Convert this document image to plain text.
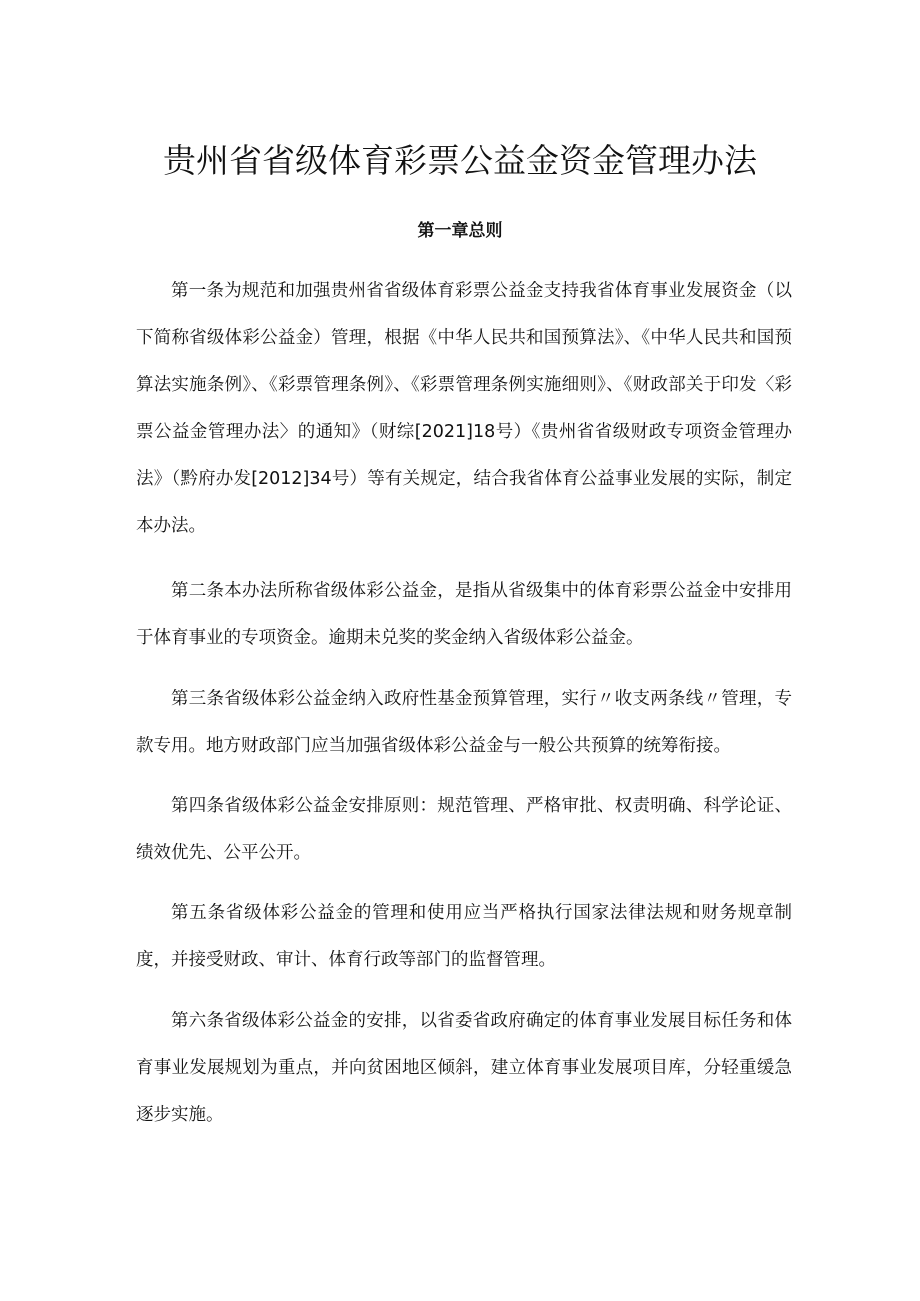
贵州省省级体育彩票公益金资金管理办法
第一章总则

第一条为规范和加强贵州省省级体育彩票公益金支持我省体育事业发展资金（以下简称省级体彩公益金）管理，根据《中华人民共和国预算法》、《中华人民共和国预算法实施条例》、《彩票管理条例》、《彩票管理条例实施细则》、《财政部关于印发〈彩票公益金管理办法〉的通知》（财综[2021]18号）《贵州省省级财政专项资金管理办法》（黔府办发[2012]34号）等有关规定，结合我省体育公益事业发展的实际，制定本办法。

第二条本办法所称省级体彩公益金，是指从省级集中的体育彩票公益金中安排用于体育事业的专项资金。逾期未兑奖的奖金纳入省级体彩公益金。

第三条省级体彩公益金纳入政府性基金预算管理，实行〃收支两条线〃管理，专款专用。地方财政部门应当加强省级体彩公益金与一般公共预算的统筹衔接。

第四条省级体彩公益金安排原则：规范管理、严格审批、权责明确、科学论证、绩效优先、公平公开。

第五条省级体彩公益金的管理和使用应当严格执行国家法律法规和财务规章制度，并接受财政、审计、体育行政等部门的监督管理。

第六条省级体彩公益金的安排，以省委省政府确定的体育事业发展目标任务和体育事业发展规划为重点，并向贫困地区倾斜，建立体育事业发展项目库，分轻重缓急逐步实施。
